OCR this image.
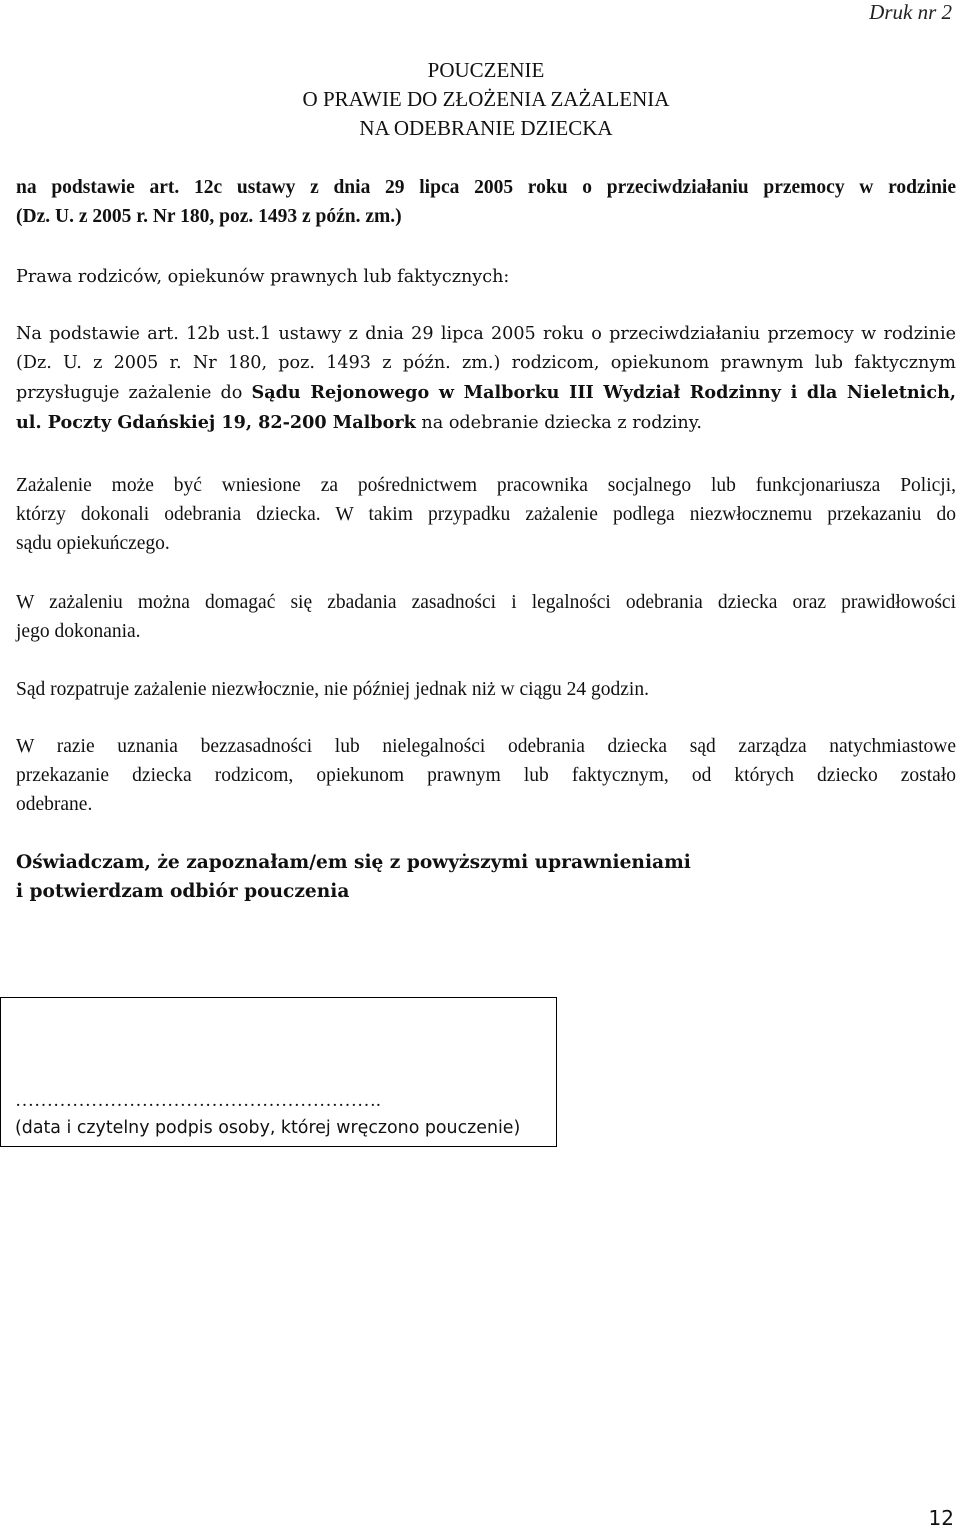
Druk nr 2
POUCZENIE
O PRAWIE DO ZŁOŻENIA ZAŻALENIA
NA ODEBRANIE DZIECKA
na podstawie art. 12c ustawy z dnia 29 lipca 2005 roku o przeciwdziałaniu przemocy w rodzinie
(Dz. U. z 2005 r. Nr 180, poz. 1493 z późn. zm.)
Prawa rodziców, opiekunów prawnych lub faktycznych:
Na podstawie art. 12b ust.1 ustawy z dnia 29 lipca 2005 roku o przeciwdziałaniu przemocy w rodzinie
(Dz. U. z 2005 r. Nr 180, poz. 1493 z późn. zm.) rodzicom, opiekunom prawnym lub faktycznym
przysługuje zażalenie do Sądu Rejonowego w Malborku III Wydział Rodzinny i dla Nieletnich,
ul. Poczty Gdańskiej 19, 82-200 Malbork na odebranie dziecka z rodziny.
Zażalenie może być wniesione za pośrednictwem pracownika socjalnego lub funkcjonariusza Policji,
którzy dokonali odebrania dziecka. W takim przypadku zażalenie podlega niezwłocznemu przekazaniu do
sądu opiekuńczego.
W zażaleniu można domagać się zbadania zasadności i legalności odebrania dziecka oraz prawidłowości
jego dokonania.
Sąd rozpatruje zażalenie niezwłocznie, nie później jednak niż w ciągu 24 godzin.
W razie uznania bezzasadności lub nielegalności odebrania dziecka sąd zarządza natychmiastowe
przekazanie dziecka rodzicom, opiekunom prawnym lub faktycznym, od których dziecko zostało
odebrane.
Oświadczam, że zapoznałam/em się z powyższymi uprawnieniami
i potwierdzam odbiór pouczenia
………………………………………………….
(data i czytelny podpis osoby, której wręczono pouczenie)
12
